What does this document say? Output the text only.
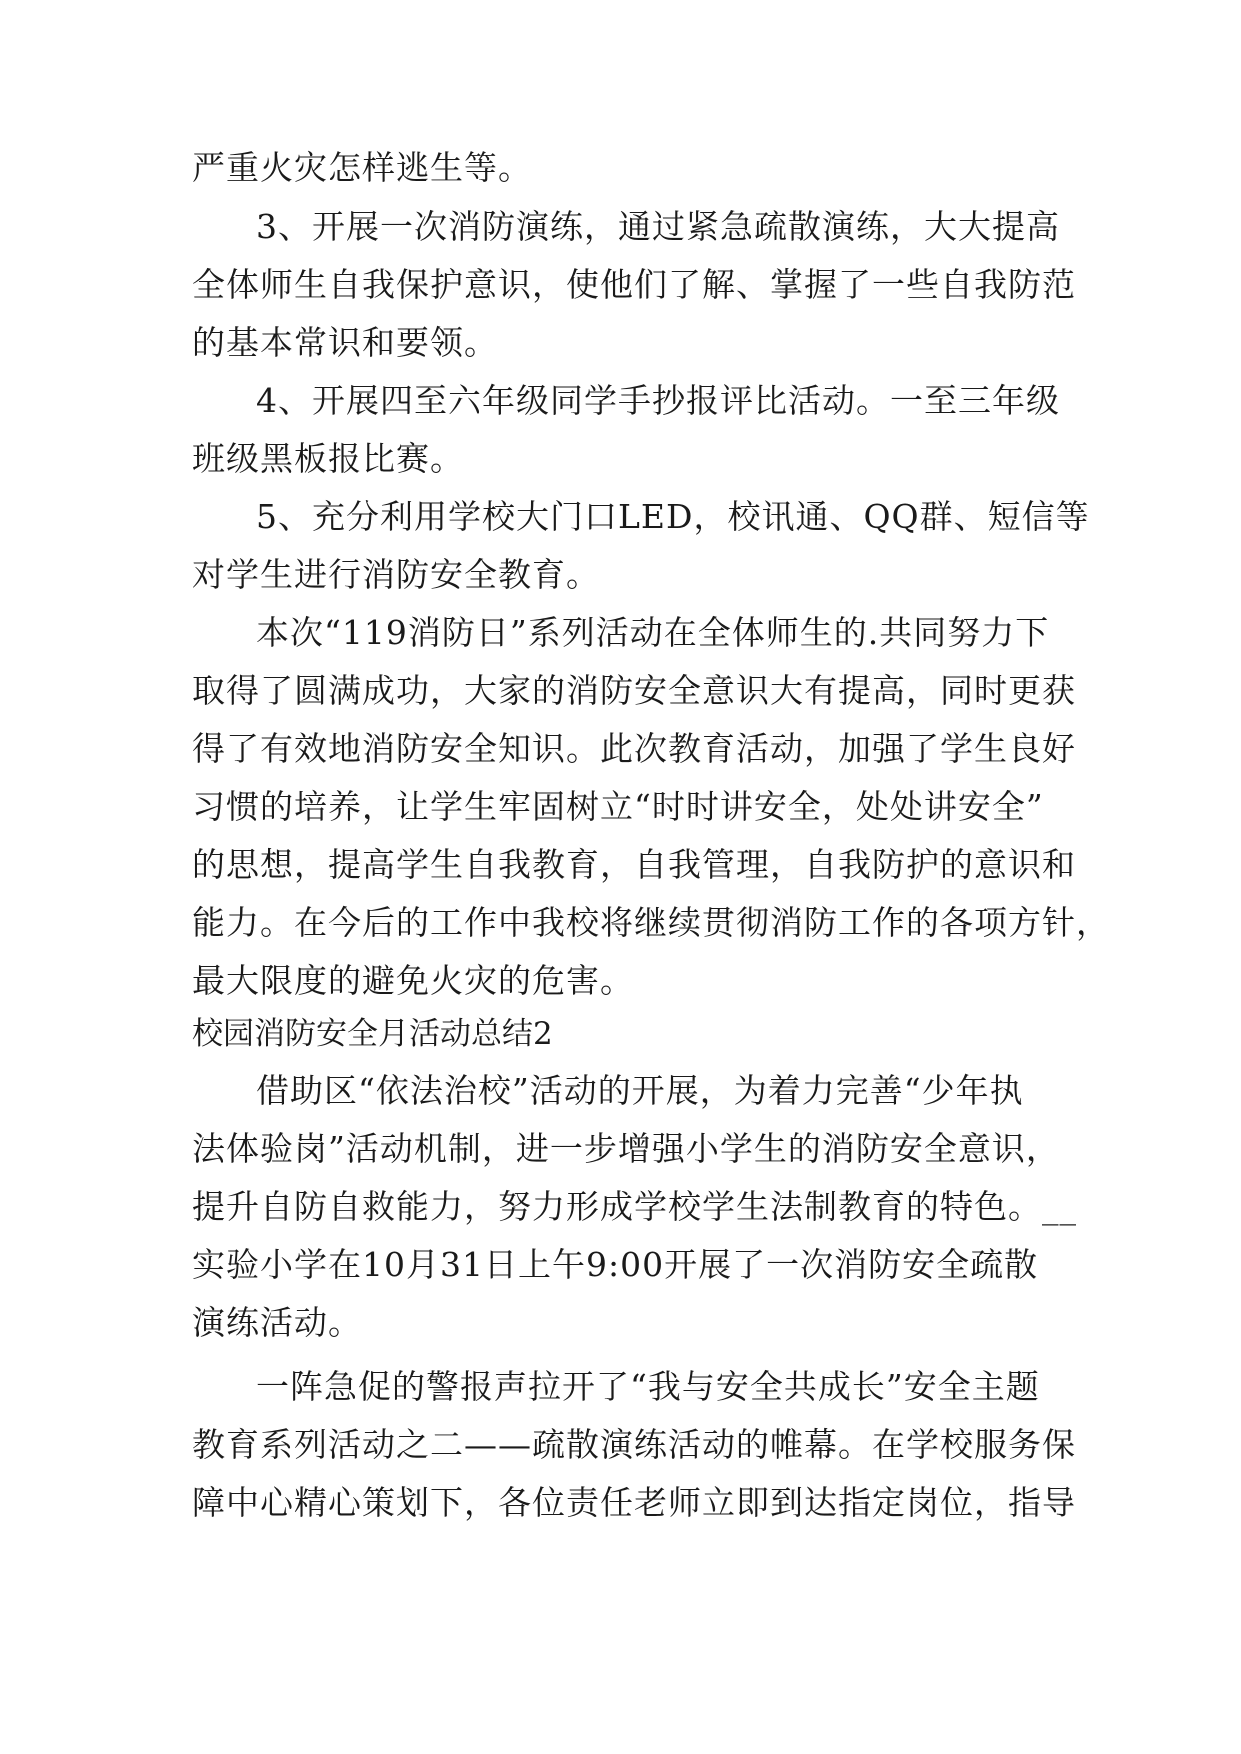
严重火灾怎样逃生等。
3、开展一次消防演练，通过紧急疏散演练，大大提高
全体师生自我保护意识，使他们了解、掌握了一些自我防范
的基本常识和要领。
4、开展四至六年级同学手抄报评比活动。一至三年级
班级黑板报比赛。
5、充分利用学校大门口LED，校讯通、QQ群、短信等
对学生进行消防安全教育。
本次“119消防日”系列活动在全体师生的.共同努力下
取得了圆满成功，大家的消防安全意识大有提高，同时更获
得了有效地消防安全知识。此次教育活动，加强了学生良好
习惯的培养，让学生牢固树立“时时讲安全，处处讲安全”
的思想，提高学生自我教育，自我管理，自我防护的意识和
能力。在今后的工作中我校将继续贯彻消防工作的各项方针，
最大限度的避免火灾的危害。
校园消防安全月活动总结2
借助区“依法治校”活动的开展，为着力完善“少年执
法体验岗”活动机制，进一步增强小学生的消防安全意识，
提升自防自救能力，努力形成学校学生法制教育的特色。__
实验小学在10月31日上午9:00开展了一次消防安全疏散
演练活动。
一阵急促的警报声拉开了“我与安全共成长”安全主题
教育系列活动之二——疏散演练活动的帷幕。在学校服务保
障中心精心策划下，各位责任老师立即到达指定岗位，指导
